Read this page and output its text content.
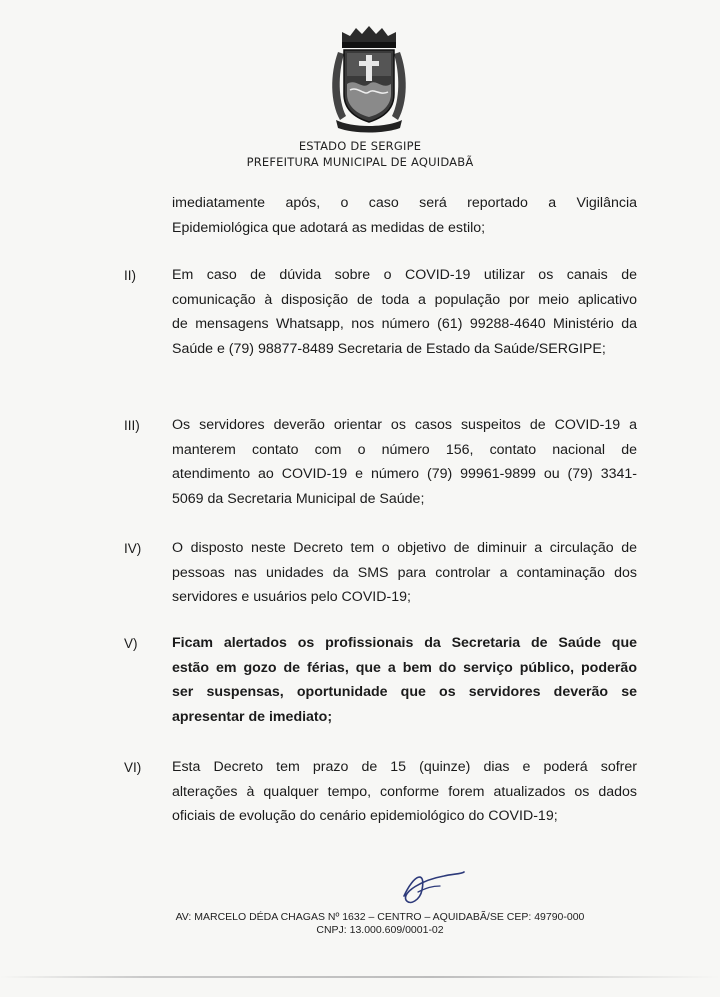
ESTADO DE SERGIPE
PREFEITURA MUNICIPAL DE AQUIDABÃ
imediatamente após, o caso será reportado a Vigilância
Epidemiológica que adotará as medidas de estilo;
II)	Em caso de dúvida sobre o COVID-19 utilizar os canais de
comunicação à disposição de toda a população por meio aplicativo
de mensagens Whatsapp, nos número (61) 99288-4640 Ministério da
Saúde e (79) 98877-8489 Secretaria de Estado da Saúde/SERGIPE;
III) Os servidores deverão orientar os casos suspeitos de COVID-19 a
manterem contato com o número 156, contato nacional de
atendimento ao COVID-19 e número (79) 99961-9899 ou (79) 3341-
5069 da Secretaria Municipal de Saúde;
IV) O disposto neste Decreto tem o objetivo de diminuir a circulação de
pessoas nas unidades da SMS para controlar a contaminação dos
servidores e usuários pelo COVID-19;
V) Ficam alertados os profissionais da Secretaria de Saúde que
estão em gozo de férias, que a bem do serviço público, poderão
ser suspensas, oportunidade que os servidores deverão se
apresentar de imediato;
VI) Esta Decreto tem prazo de 15 (quinze) dias e poderá sofrer
alterações à qualquer tempo, conforme forem atualizados os dados
oficiais de evolução do cenário epidemiológico do COVID-19;
AV: MARCELO DÉDA CHAGAS Nº 1632 – CENTRO – AQUIDABÃ/SE CEP: 49790-000
CNPJ: 13.000.609/0001-02
